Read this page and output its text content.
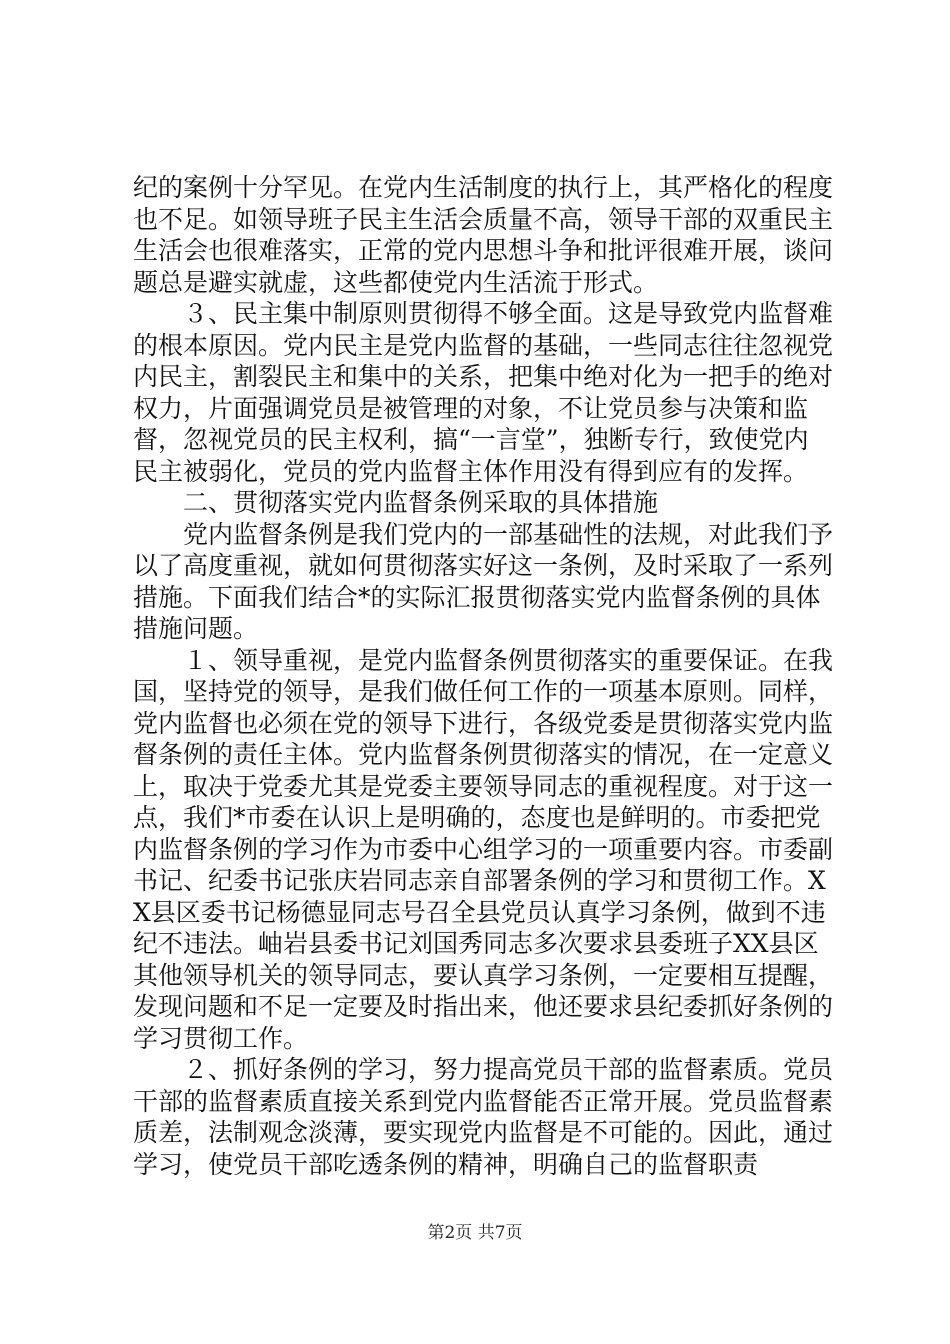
纪的案例十分罕见。在党内生活制度的执行上，其严格化的程度也不足。如领导班子民主生活会质量不高，领导干部的双重民主生活会也很难落实，正常的党内思想斗争和批评很难开展，谈问题总是避实就虚，这些都使党内生活流于形式。

　　３、民主集中制原则贯彻得不够全面。这是导致党内监督难的根本原因。党内民主是党内监督的基础，一些同志往往忽视党内民主，割裂民主和集中的关系，把集中绝对化为一把手的绝对权力，片面强调党员是被管理的对象，不让党员参与决策和监督，忽视党员的民主权利，搞“一言堂”，独断专行，致使党内民主被弱化，党员的党内监督主体作用没有得到应有的发挥。

　　二、贯彻落实党内监督条例采取的具体措施

　　党内监督条例是我们党内的一部基础性的法规，对此我们予以了高度重视，就如何贯彻落实好这一条例，及时采取了一系列措施。下面我们结合*的实际汇报贯彻落实党内监督条例的具体措施问题。

　　１、领导重视，是党内监督条例贯彻落实的重要保证。在我国，坚持党的领导，是我们做任何工作的一项基本原则。同样，党内监督也必须在党的领导下进行，各级党委是贯彻落实党内监督条例的责任主体。党内监督条例贯彻落实的情况，在一定意义上，取决于党委尤其是党委主要领导同志的重视程度。对于这一点，我们*市委在认识上是明确的，态度也是鲜明的。市委把党内监督条例的学习作为市委中心组学习的一项重要内容。市委副书记、纪委书记张庆岩同志亲自部署条例的学习和贯彻工作。XX县区委书记杨德显同志号召全县党员认真学习条例，做到不违纪不违法。岫岩县委书记刘国秀同志多次要求县委班子XX县区其他领导机关的领导同志，要认真学习条例，一定要相互提醒，发现问题和不足一定要及时指出来，他还要求县纪委抓好条例的学习贯彻工作。

　　２、抓好条例的学习，努力提高党员干部的监督素质。党员干部的监督素质直接关系到党内监督能否正常开展。党员监督素质差，法制观念淡薄，要实现党内监督是不可能的。因此，通过学习，使党员干部吃透条例的精神，明确自己的监督职责

第2页 共7页
